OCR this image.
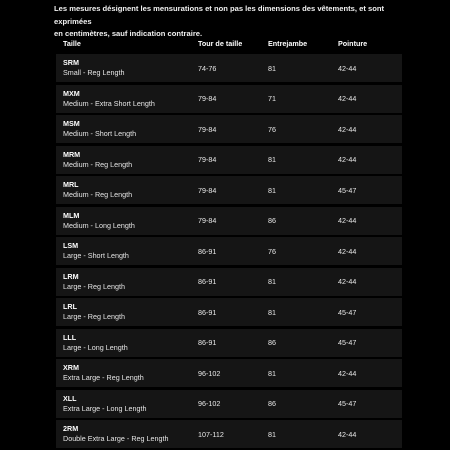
Les mesures désignent les mensurations et non pas les dimensions des vêtements, et sont exprimées
en centimètres, sauf indication contraire.

Taille	Tour de taille	Entrejambe	Pointure
SRM
Small - Reg Length	74-76	81	42-44
MXM
Medium - Extra Short Length	79-84	71	42-44
MSM
Medium - Short Length	79-84	76	42-44
MRM
Medium - Reg Length	79-84	81	42-44
MRL
Medium - Reg Length	79-84	81	45-47
MLM
Medium - Long Length	79-84	86	42-44
LSM
Large - Short Length	86-91	76	42-44
LRM
Large - Reg Length	86-91	81	42-44
LRL
Large - Reg Length	86-91	81	45-47
LLL
Large - Long Length	86-91	86	45-47
XRM
Extra Large - Reg Length	96-102	81	42-44
XLL
Extra Large - Long Length	96-102	86	45-47
2RM
Double Extra Large - Reg Length	107-112	81	42-44
